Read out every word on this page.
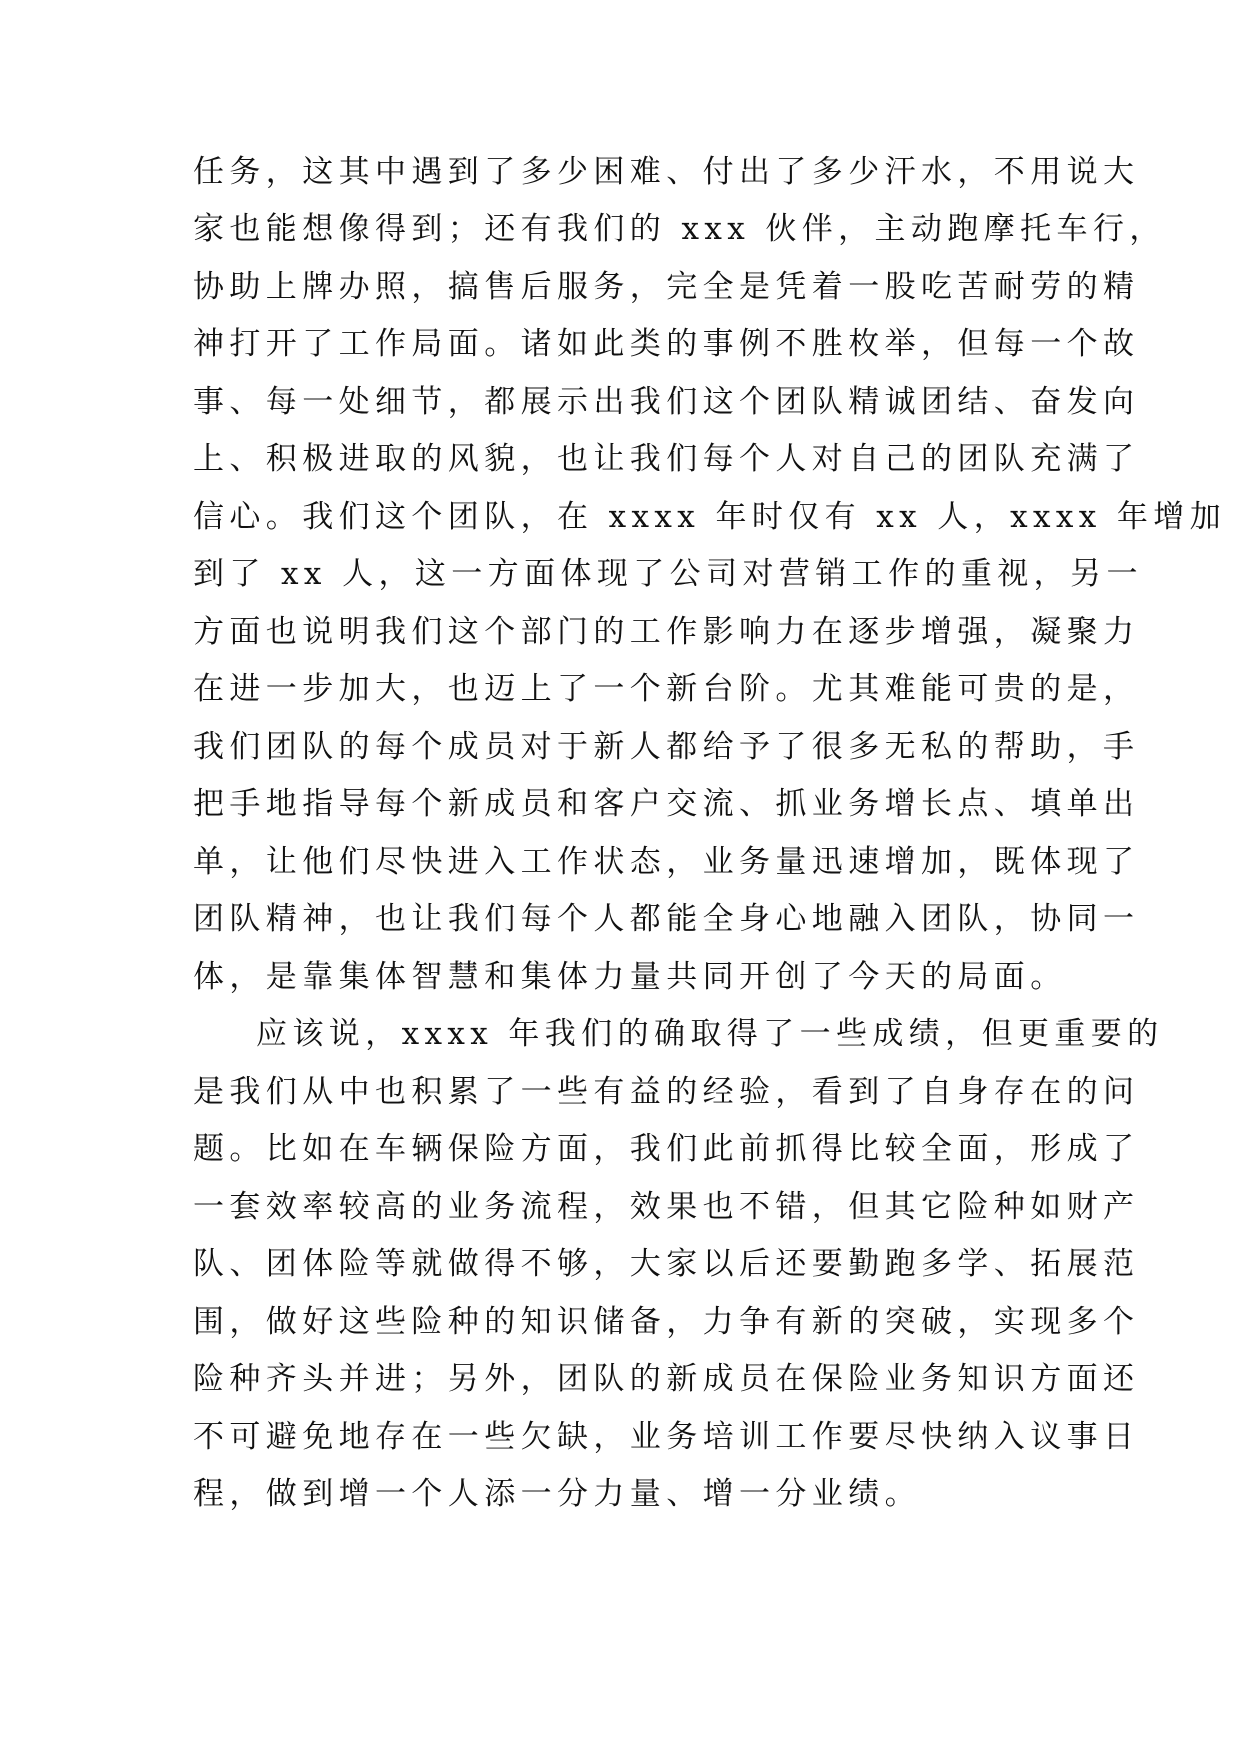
任务，这其中遇到了多少困难、付出了多少汗水，不用说大
家也能想像得到；还有我们的 xxx 伙伴，主动跑摩托车行，
协助上牌办照，搞售后服务，完全是凭着一股吃苦耐劳的精
神打开了工作局面。诸如此类的事例不胜枚举，但每一个故
事、每一处细节，都展示出我们这个团队精诚团结、奋发向
上、积极进取的风貌，也让我们每个人对自己的团队充满了
信心。我们这个团队，在 xxxx 年时仅有 xx 人，xxxx 年增加
到了 xx 人，这一方面体现了公司对营销工作的重视，另一
方面也说明我们这个部门的工作影响力在逐步增强，凝聚力
在进一步加大，也迈上了一个新台阶。尤其难能可贵的是，
我们团队的每个成员对于新人都给予了很多无私的帮助，手
把手地指导每个新成员和客户交流、抓业务增长点、填单出
单，让他们尽快进入工作状态，业务量迅速增加，既体现了
团队精神，也让我们每个人都能全身心地融入团队，协同一
体，是靠集体智慧和集体力量共同开创了今天的局面。
应该说，xxxx 年我们的确取得了一些成绩，但更重要的
是我们从中也积累了一些有益的经验，看到了自身存在的问
题。比如在车辆保险方面，我们此前抓得比较全面，形成了
一套效率较高的业务流程，效果也不错，但其它险种如财产
队、团体险等就做得不够，大家以后还要勤跑多学、拓展范
围，做好这些险种的知识储备，力争有新的突破，实现多个
险种齐头并进；另外，团队的新成员在保险业务知识方面还
不可避免地存在一些欠缺，业务培训工作要尽快纳入议事日
程，做到增一个人添一分力量、增一分业绩。
